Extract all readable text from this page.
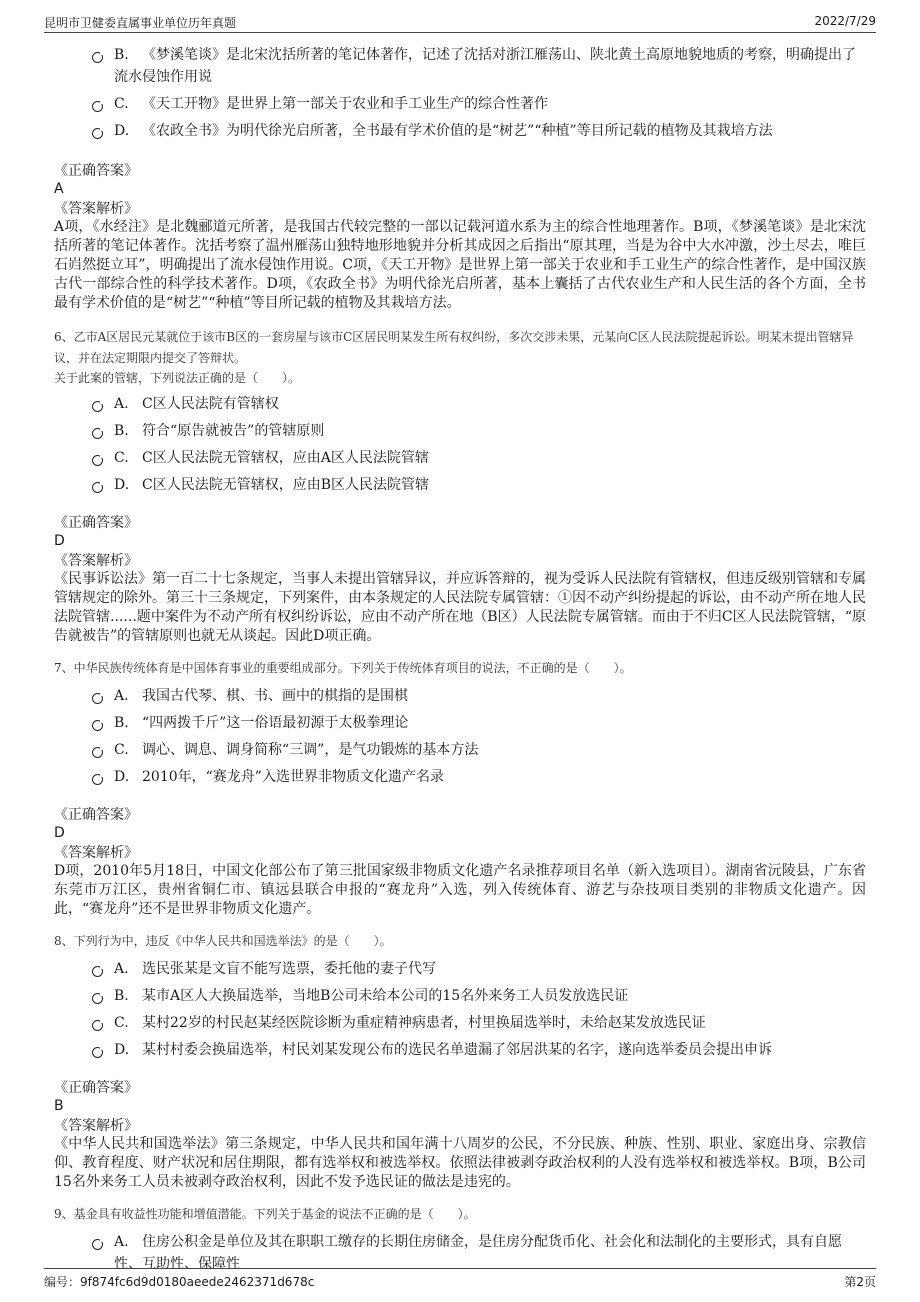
昆明市卫健委直属事业单位历年真题	2022/7/29
B. 《梦溪笔谈》是北宋沈括所著的笔记体著作，记述了沈括对浙江雁荡山、陕北黄土高原地貌地质的考察，明确提出了流水侵蚀作用说
C. 《天工开物》是世界上第一部关于农业和手工业生产的综合性著作
D. 《农政全书》为明代徐光启所著，全书最有学术价值的是“树艺”“种植”等目所记载的植物及其栽培方法
《正确答案》
A
《答案解析》
A项，《水经注》是北魏郦道元所著，是我国古代较完整的一部以记载河道水系为主的综合性地理著作。B项，《梦溪笔谈》是北宋沈括所著的笔记体著作。沈括考察了温州雁荡山独特地形地貌并分析其成因之后指出“原其理，当是为谷中大水冲激，沙土尽去，唯巨石岿然挺立耳”，明确提出了流水侵蚀作用说。C项，《天工开物》是世界上第一部关于农业和手工业生产的综合性著作，是中国汉族古代一部综合性的科学技术著作。D项，《农政全书》为明代徐光启所著，基本上囊括了古代农业生产和人民生活的各个方面，全书最有学术价值的是“树艺”“种植”等目所记载的植物及其栽培方法。
6、乙市A区居民元某就位于该市B区的一套房屋与该市C区居民明某发生所有权纠纷，多次交涉未果，元某向C区人民法院提起诉讼。明某未提出管辖异议，并在法定期限内提交了答辩状。
关于此案的管辖，下列说法正确的是（　　）。
A. C区人民法院有管辖权
B. 符合“原告就被告”的管辖原则
C. C区人民法院无管辖权，应由A区人民法院管辖
D. C区人民法院无管辖权，应由B区人民法院管辖
《正确答案》
D
《答案解析》
《民事诉讼法》第一百二十七条规定，当事人未提出管辖异议，并应诉答辩的，视为受诉人民法院有管辖权，但违反级别管辖和专属管辖规定的除外。第三十三条规定，下列案件，由本条规定的人民法院专属管辖：①因不动产纠纷提起的诉讼，由不动产所在地人民法院管辖......题中案件为不动产所有权纠纷诉讼，应由不动产所在地（B区）人民法院专属管辖。而由于不归C区人民法院管辖，“原告就被告”的管辖原则也就无从谈起。因此D项正确。
7、中华民族传统体育是中国体育事业的重要组成部分。下列关于传统体育项目的说法，不正确的是（　　）。
A. 我国古代琴、棋、书、画中的棋指的是围棋
B. “四两拨千斤”这一俗语最初源于太极拳理论
C. 调心、调息、调身简称“三调”，是气功锻炼的基本方法
D. 2010年，“赛龙舟”入选世界非物质文化遗产名录
《正确答案》
D
《答案解析》
D项，2010年5月18日，中国文化部公布了第三批国家级非物质文化遗产名录推荐项目名单（新入选项目）。湖南省沅陵县，广东省东莞市万江区，贵州省铜仁市、镇远县联合申报的“赛龙舟”入选，列入传统体育、游艺与杂技项目类别的非物质文化遗产。因此，“赛龙舟”还不是世界非物质文化遗产。
8、下列行为中，违反《中华人民共和国选举法》的是（　　）。
A. 选民张某是文盲不能写选票，委托他的妻子代写
B. 某市A区人大换届选举，当地B公司未给本公司的15名外来务工人员发放选民证
C. 某村22岁的村民赵某经医院诊断为重症精神病患者，村里换届选举时，未给赵某发放选民证
D. 某村村委会换届选举，村民刘某发现公布的选民名单遗漏了邻居洪某的名字，遂向选举委员会提出申诉
《正确答案》
B
《答案解析》
《中华人民共和国选举法》第三条规定，中华人民共和国年满十八周岁的公民，不分民族、种族、性别、职业、家庭出身、宗教信仰、教育程度、财产状况和居住期限，都有选举权和被选举权。依照法律被剥夺政治权利的人没有选举权和被选举权。B项，B公司15名外来务工人员未被剥夺政治权利，因此不发予选民证的做法是违宪的。
9、基金具有收益性功能和增值潜能。下列关于基金的说法不正确的是（　　）。
A. 住房公积金是单位及其在职职工缴存的长期住房储金，是住房分配货币化、社会化和法制化的主要形式，具有自愿性、互助性、保障性
编号：9f874fc6d9d0180aeede2462371d678c	第2页
